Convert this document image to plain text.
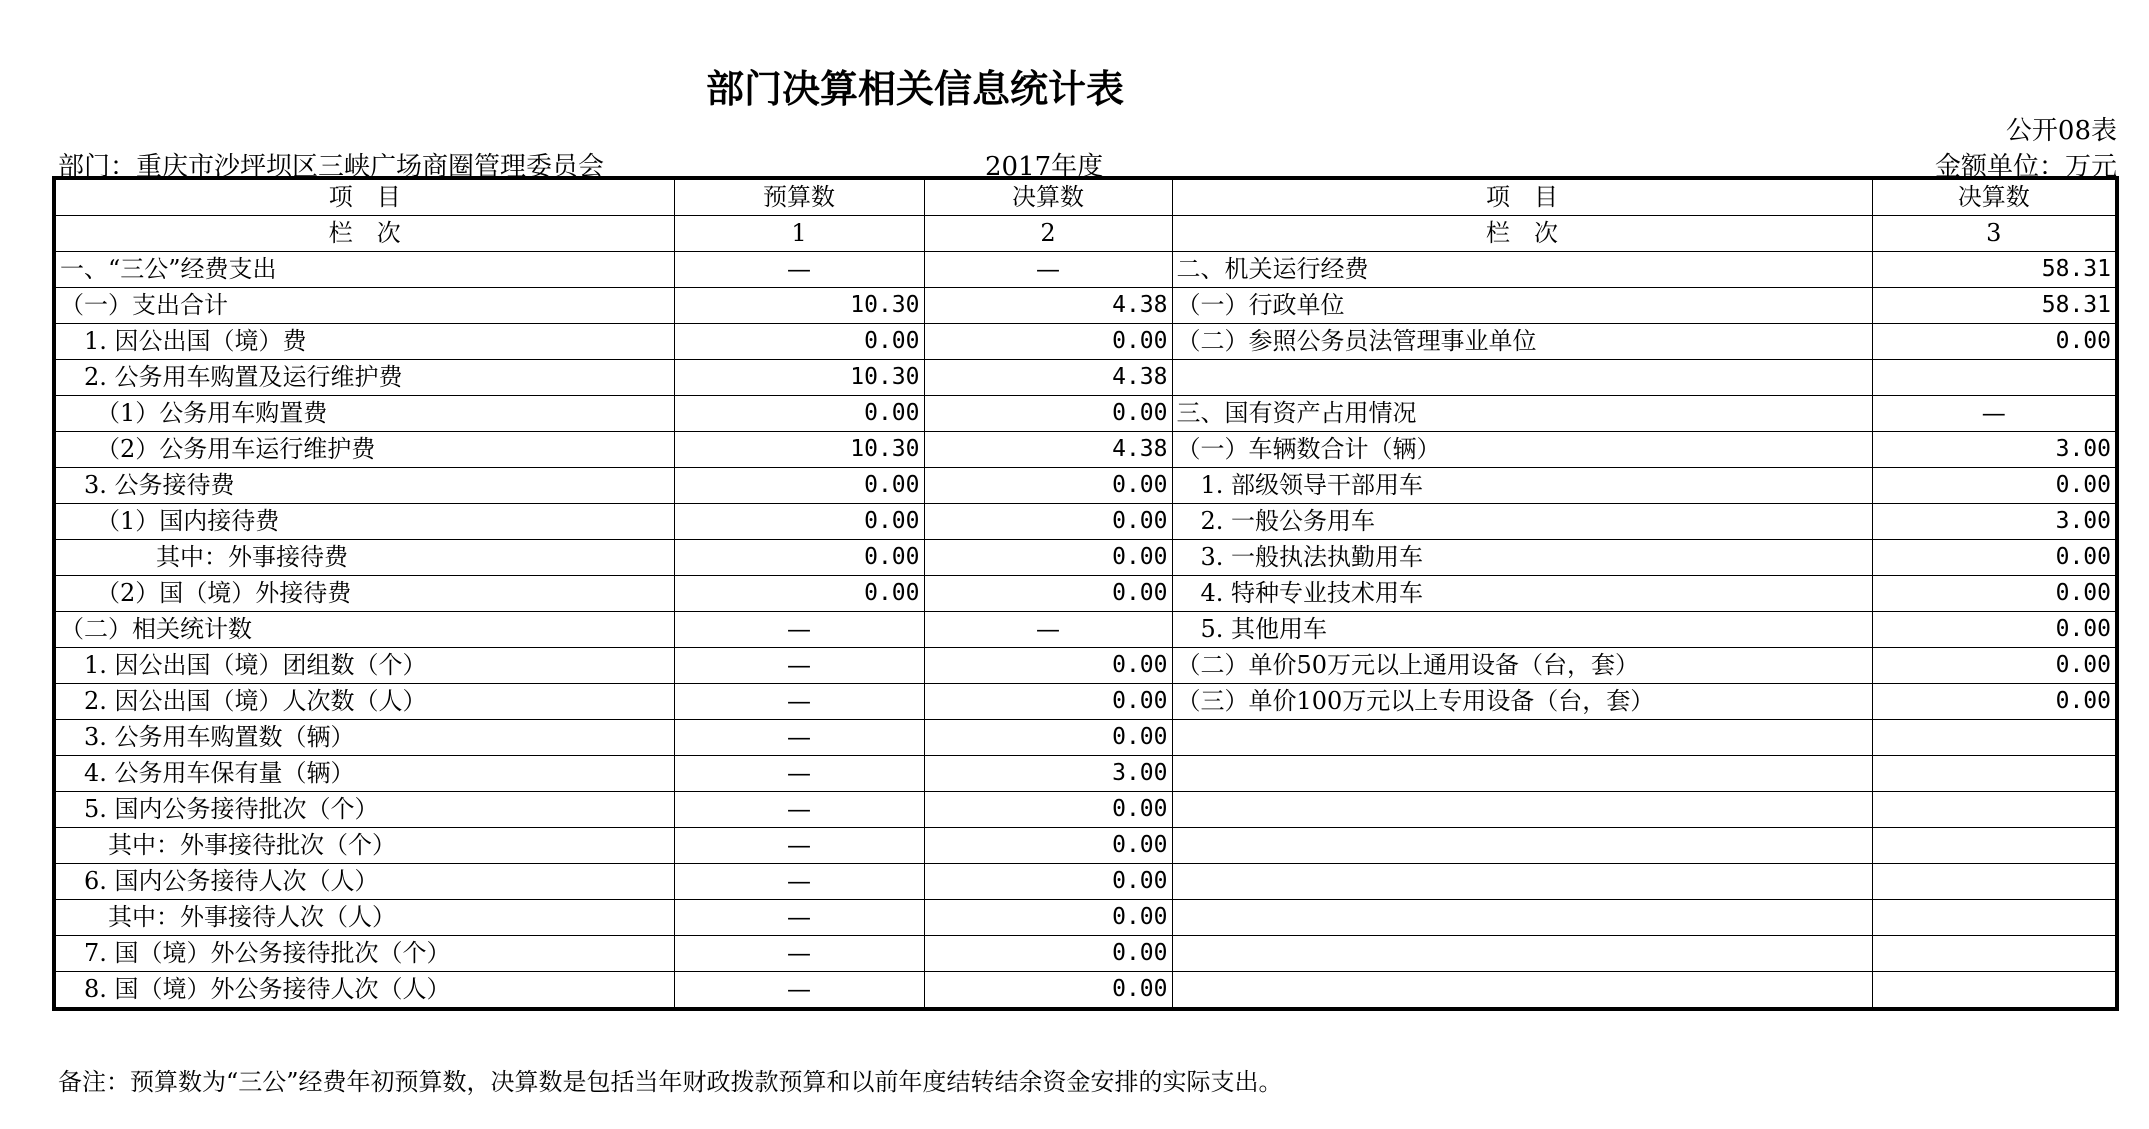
部门决算相关信息统计表
公开08表
部门：重庆市沙坪坝区三峡广场商圈管理委员会	2017年度	金额单位：万元
项　目	预算数	决算数	项　目	决算数
栏　次	1	2	栏　次	3
一、“三公”经费支出	—	—	二、机关运行经费	58.31
（一）支出合计	10.30	4.38	（一）行政单位	58.31
　1. 因公出国（境）费	0.00	0.00	（二）参照公务员法管理事业单位	0.00
　2. 公务用车购置及运行维护费	10.30	4.38		
　　（1）公务用车购置费	0.00	0.00	三、国有资产占用情况	—
　　（2）公务用车运行维护费	10.30	4.38	（一）车辆数合计（辆）	3.00
　3. 公务接待费	0.00	0.00	　1. 部级领导干部用车	0.00
　　（1）国内接待费	0.00	0.00	　2. 一般公务用车	3.00
　　　　其中：外事接待费	0.00	0.00	　3. 一般执法执勤用车	0.00
　　（2）国（境）外接待费	0.00	0.00	　4. 特种专业技术用车	0.00
（二）相关统计数	—	—	　5. 其他用车	0.00
　1. 因公出国（境）团组数（个）	—	0.00	（二）单价50万元以上通用设备（台，套）	0.00
　2. 因公出国（境）人次数（人）	—	0.00	（三）单价100万元以上专用设备（台，套）	0.00
　3. 公务用车购置数（辆）	—	0.00		
　4. 公务用车保有量（辆）	—	3.00		
　5. 国内公务接待批次（个）	—	0.00		
　　其中：外事接待批次（个）	—	0.00		
　6. 国内公务接待人次（人）	—	0.00		
　　其中：外事接待人次（人）	—	0.00		
　7. 国（境）外公务接待批次（个）	—	0.00		
　8. 国（境）外公务接待人次（人）	—	0.00		
备注：预算数为“三公”经费年初预算数，决算数是包括当年财政拨款预算和以前年度结转结余资金安排的实际支出。
